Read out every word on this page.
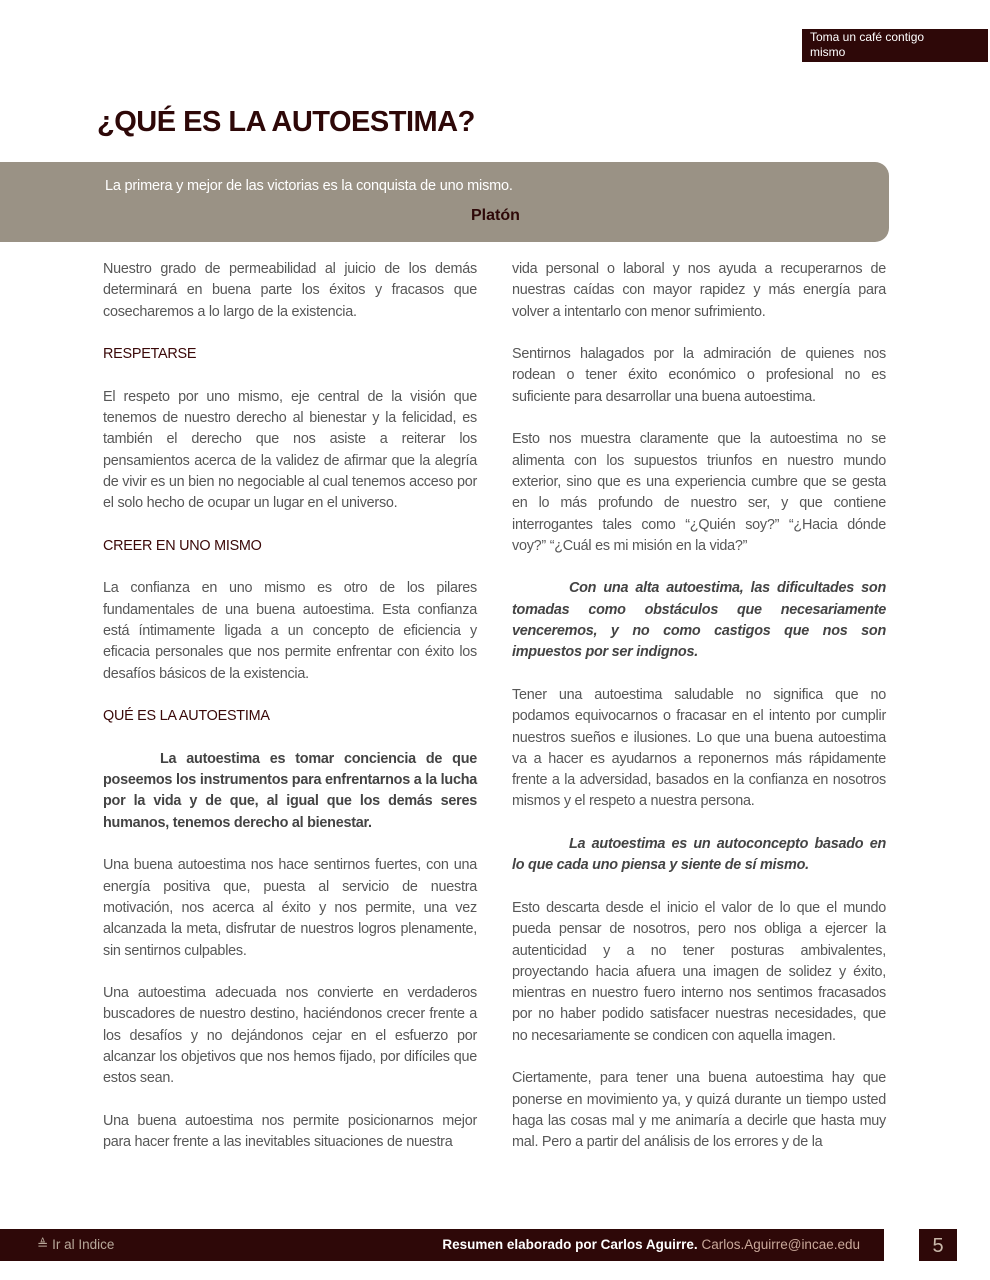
Toma un café contigo mismo
Walter Dresel
¿QUÉ ES LA AUTOESTIMA?
La primera y mejor de las victorias es la conquista de uno mismo.
Platón

Nuestro grado de permeabilidad al juicio de los demás determinará en buena parte los éxitos y fracasos que cosecharemos a lo largo de la existencia.

RESPETARSE

El respeto por uno mismo, eje central de la visión que tenemos de nuestro derecho al bienestar y la felicidad, es también el derecho que nos asiste a reiterar los pensamientos acerca de la validez de afirmar que la alegría de vivir es un bien no negociable al cual tenemos acceso por el solo hecho de ocupar un lugar en el universo.

CREER EN UNO MISMO

La confianza en uno mismo es otro de los pilares fundamentales de una buena autoestima. Esta confianza está íntimamente ligada a un concepto de eficiencia y eficacia personales que nos permite enfrentar con éxito los desafíos básicos de la existencia.

QUÉ ES LA AUTOESTIMA

La autoestima es tomar conciencia de que poseemos los instrumentos para enfrentarnos a la lucha por la vida y de que, al igual que los demás seres humanos, tenemos derecho al bienestar.

Una buena autoestima nos hace sentirnos fuertes, con una energía positiva que, puesta al servicio de nuestra motivación, nos acerca al éxito y nos permite, una vez alcanzada la meta, disfrutar de nuestros logros plenamente, sin sentirnos culpables.

Una autoestima adecuada nos convierte en verdaderos buscadores de nuestro destino, haciéndonos crecer frente a los desafíos y no dejándonos cejar en el esfuerzo por alcanzar los objetivos que nos hemos fijado, por difíciles que estos sean.

Una buena autoestima nos permite posicionarnos mejor para hacer frente a las inevitables situaciones de nuestra

vida personal o laboral y nos ayuda a recuperarnos de nuestras caídas con mayor rapidez y más energía para volver a intentarlo con menor sufrimiento.

Sentirnos halagados por la admiración de quienes nos rodean o tener éxito económico o profesional no es suficiente para desarrollar una buena autoestima.

Esto nos muestra claramente que la autoestima no se alimenta con los supuestos triunfos en nuestro mundo exterior, sino que es una experiencia cumbre que se gesta en lo más profundo de nuestro ser, y que contiene interrogantes tales como “¿Quién soy?” “¿Hacia dónde voy?” “¿Cuál es mi misión en la vida?”

Con una alta autoestima, las dificultades son tomadas como obstáculos que necesariamente venceremos, y no como castigos que nos son impuestos por ser indignos.

Tener una autoestima saludable no significa que no podamos equivocarnos o fracasar en el intento por cumplir nuestros sueños e ilusiones. Lo que una buena autoestima va a hacer es ayudarnos a reponernos más rápidamente frente a la adversidad, basados en la confianza en nosotros mismos y el respeto a nuestra persona.

La autoestima es un autoconcepto basado en lo que cada uno piensa y siente de sí mismo.

Esto descarta desde el inicio el valor de lo que el mundo pueda pensar de nosotros, pero nos obliga a ejercer la autenticidad y a no tener posturas ambivalentes, proyectando hacia afuera una imagen de solidez y éxito, mientras en nuestro fuero interno nos sentimos fracasados por no haber podido satisfacer nuestras necesidades, que no necesariamente se condicen con aquella imagen.

Ciertamente, para tener una buena autoestima hay que ponerse en movimiento ya, y quizá durante un tiempo usted haga las cosas mal y me animaría a decirle que hasta muy mal. Pero a partir del análisis de los errores y de la

≜ Ir al Indice	Resumen elaborado por Carlos Aguirre. Carlos.Aguirre@incae.edu	5
